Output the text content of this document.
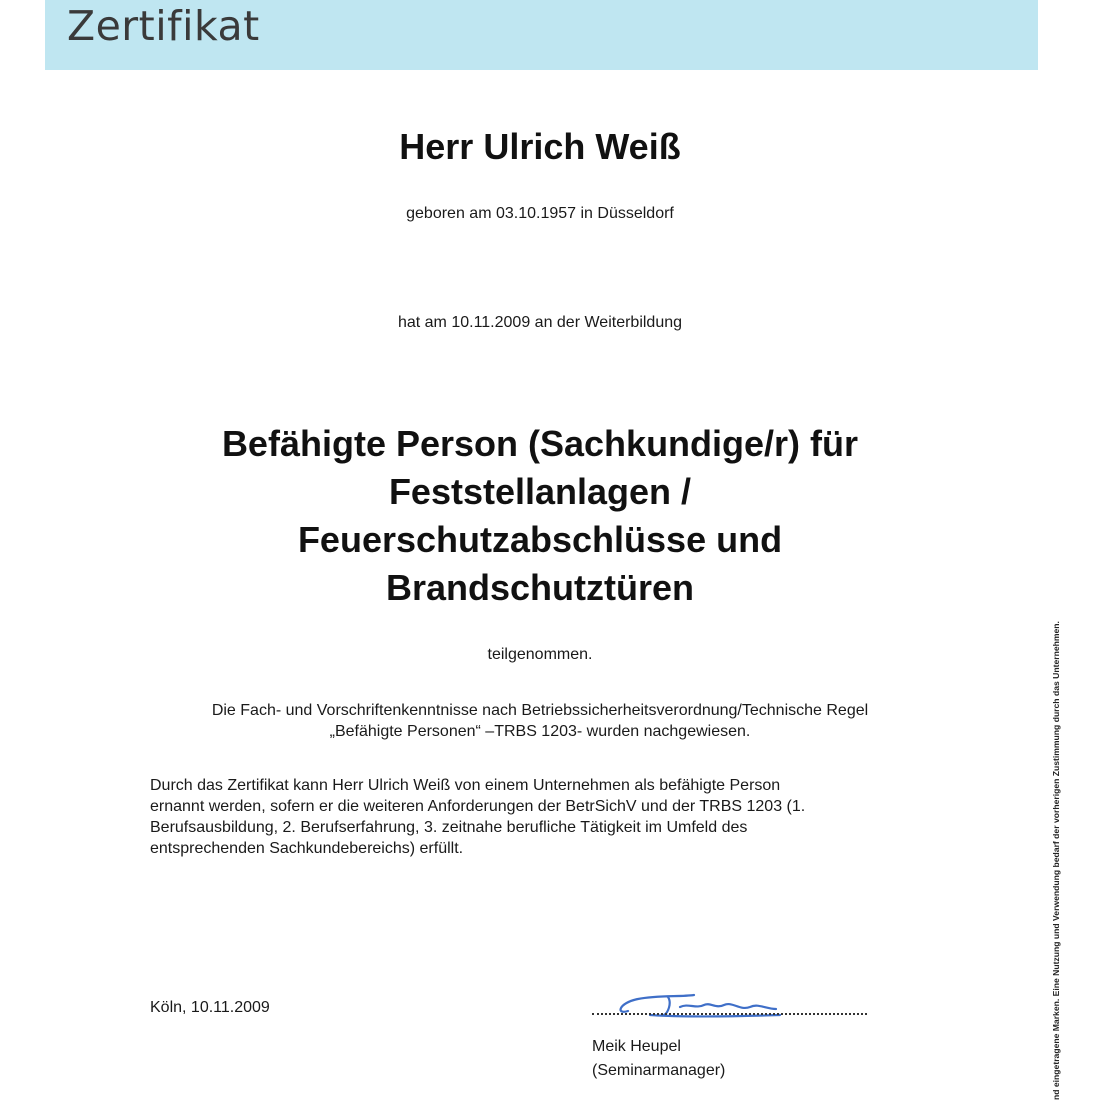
Zertifikat
Herr Ulrich Weiß
geboren am 03.10.1957 in Düsseldorf
hat am 10.11.2009 an der Weiterbildung
Befähigte Person (Sachkundige/r) für
Feststellanlagen /
Feuerschutzabschlüsse und
Brandschutztüren
teilgenommen.
Die Fach- und Vorschriftenkenntnisse nach Betriebssicherheitsverordnung/Technische Regel
„Befähigte Personen“ –TRBS 1203- wurden nachgewiesen.
Durch das Zertifikat kann Herr Ulrich Weiß von einem Unternehmen als befähigte Person
ernannt werden, sofern er die weiteren Anforderungen der BetrSichV und der TRBS 1203 (1.
Berufsausbildung, 2. Berufserfahrung, 3. zeitnahe berufliche Tätigkeit im Umfeld des
entsprechenden Sachkundebereichs) erfüllt.
Köln, 10.11.2009
Meik Heupel
(Seminarmanager)	nd eingetragene Marken. Eine Nutzung und Verwendung bedarf der vorherigen Zustimmung durch das Unternehmen.
